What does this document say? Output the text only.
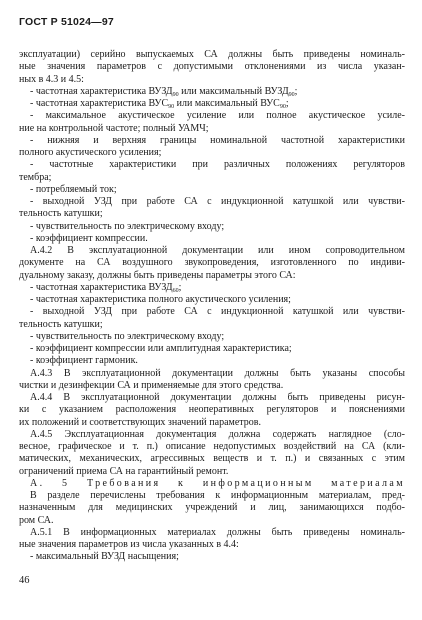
ГОСТ Р 51024—97
эксплуатации) серийно выпускаемых СА должны быть приведены номиналь-
ные значения параметров с допустимыми отклонениями из числа указан-
ных в 4.3 и 4.5:
- частотная характеристика $ВУЗД_{90}$ или максимальный $ВУЗД_{90}$;
- частотная характеристика $ВУС_{90}$ или максимальный $ВУС_{90}$;
- максимальное акустическое усиление или полное акустическое усиле-
ние на контрольной частоте; полный УАМЧ;
- нижняя и верхняя границы номинальной частотной характеристики
полного акустического усиления;
- частотные характеристики при различных положениях регуляторов
тембра;
- потребляемый ток;
- выходной УЗД при работе СА с индукционной катушкой или чувстви-
тельность катушки;
- чувствительность по электрическому входу;
- коэффициент компрессии.
А.4.2 В эксплуатационной документации или ином сопроводительном
документе на СА воздушного звукопроведения, изготовленного по индиви-
дуальному заказу, должны быть приведены параметры этого СА:
- частотная характеристика $ВУЗД_{60}$;
- частотная характеристика полного акустического усиления;
- выходной УЗД при работе СА с индукционной катушкой или чувстви-
тельность катушки;
- чувствительность по электрическому входу;
- коэффициент компрессии или амплитудная характеристика;
- коэффициент гармоник.
А.4.3 В эксплуатационной документации должны быть указаны способы
чистки и дезинфекции СА и применяемые для этого средства.
А.4.4 В эксплуатационной документации должны быть приведены рисун-
ки с указанием расположения неоперативных регуляторов и пояснениями
их положений и соответствующих значений параметров.
А.4.5 Эксплуатационная документация должна содержать наглядное (сло-
весное, графическое и т. п.) описание недопустимых воздействий на СА (кли-
матических, механических, агрессивных веществ и т. п.) и связанных с этим
ограничений приема СА на гарантийный ремонт.
А. 5 Требования к информационным материалам
В разделе перечислены требования к информационным материалам, пред-
назначенным для медицинских учреждений и лиц, занимающихся подбо-
ром СА.
А.5.1 В информационных материалах должны быть приведены номиналь-
ные значения параметров из числа указанных в 4.4:
- максимальный ВУЗД насыщения;
46
